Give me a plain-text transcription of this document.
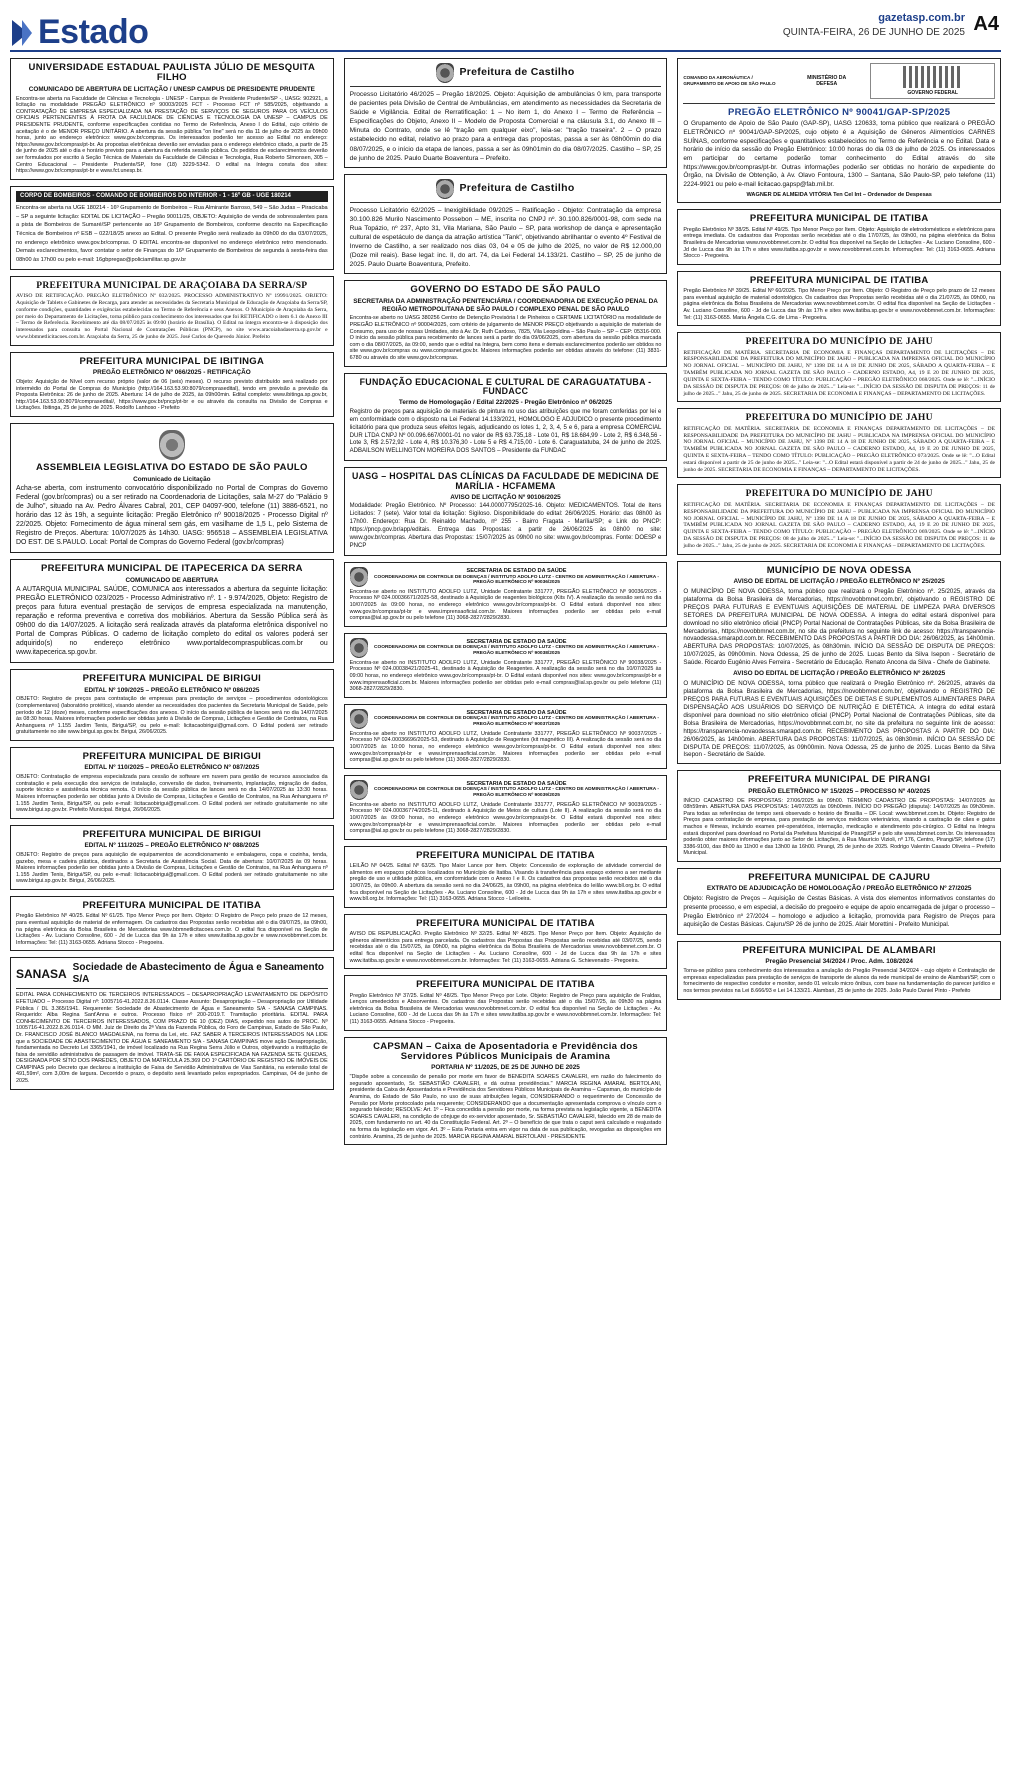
Estado	gazetasp.com.br
QUINTA-FEIRA, 26 DE JUNHO DE 2025 A4
UNIVERSIDADE ESTADUAL PAULISTA JÚLIO DE MESQUITA FILHO
COMUNICADO DE ABERTURA DE LICITAÇÃO / UNESP CAMPUS DE PRESIDENTE PRUDENTE

Encontra-se aberta na Faculdade de Ciências e Tecnologia - UNESP - Campus de Presidente Prudente/SP -, UASG: 902921, a licitação na modalidade PREGÃO ELETRÔNICO nº 90003/2025 FCT - Processo FCT nº 585/2025, objetivando a CONTRATAÇÃO DE EMPRESA ESPECIALIZADA NA PRESTAÇÃO DE SERVIÇOS DE SEGUROS PARA OS VEÍCULOS OFICIAIS PERTENCENTES À FROTA DA FACULDADE DE CIÊNCIAS E TECNOLOGIA DA UNESP – CAMPUS DE PRESIDENTE PRUDENTE, conforme especificações contidas no Termo de Referência, Anexo I do Edital, cujo critério de aceitação é o de MENOR PREÇO UNITÁRIO. A abertura da sessão pública "on line" será no dia 11 de julho de 2025 às 09h00 horas, junto ao endereço eletrônico: www.gov.br/compras. Os interessados poderão ter acesso ao Edital no endereço: https://www.gov.br/compras/pt-br. As propostas eletrônicas deverão ser enviadas para o endereço eletrônico citado, a partir de 25 de junho de 2025 até o dia e horário previsto para a abertura da referida sessão pública. Os pedidos de esclarecimentos deverão ser formulados por escrito à Seção Técnica de Materiais da Faculdade de Ciências e Tecnologia, Rua Roberto Símonsen, 305 – Centro Educacional – Presidente Prudente/SP, fone (18) 3229-5342. O edital na íntegra consta dos sites: https://www.gov.br/compras/pt-br e www.fct.unesp.br.

CORPO DE BOMBEIROS - COMANDO DE BOMBEIROS DO INTERIOR - 1 - 16º GB - UGE 180214

Encontra-se aberta na UGE 180214 - 16º Grupamento de Bombeiros – Rua Almirante Barroso, 549 – São Judas – Piracicaba – SP a seguinte licitação: EDITAL DE LICITAÇÃO – Pregão 90011/25, OBJETO: Aquisição de venda de sobressalentes para a pista de Bombeiros de Sumaré/SP pertencente ao 16º Grupamento de Bombeiros, conforme descrito na Especificação Técnica de Bombeiros nº ESB – 022/18/25 anexo ao Edital. O presente Pregão será realizado às 09h00 do dia 03/07/2025, no endereço eletrônico www.gov.br/compras. O EDITAL encontra-se disponível no endereço eletrônico retro mencionado. Demais esclarecimentos, favor contatar o setor de Finanças do 16º Grupamento de Bombeiros de segunda à sexta-feira das 08h00 às 17h00 ou pelo e-mail: 16gbpregao@policiamilitar.sp.gov.br

PREFEITURA MUNICIPAL DE ARAÇOIABA DA SERRA/SP

AVISO DE RETIFICAÇÃO. PREGÃO ELETRÔNICO Nº 032/2025. PROCESSO ADMINISTRATIVO Nº 19991/2025. OBJETO: Aquisição de Tablets e Gabinetes de Recarga, para atender as necessidades da Secretaria Municipal de Educação de Araçoiaba da Serra/SP, conforme condições, quantidades e exigências estabelecidas no Termo de Referência e seus Anexos. O Município de Araçoiaba da Serra, por meio do Departamento de Licitações, torna público para conhecimento dos interessados que foi RETIFICADO o item 6.1 do Anexo III – Termo de Referência. Recebimento até dia 08/07/2025 às 09:00 (horário de Brasília). O Edital na íntegra encontra-se à disposição dos interessados para consulta no Portal Nacional de Contratações Públicas (PNCP), no site www.aracoiabadaserra.sp.gov.br e www.bbmnetlicitacoes.com.br. Araçoiaba da Serra, 25 de junho de 2025. José Carlos de Quevedo Júnior. Prefeito

PREFEITURA MUNICIPAL DE IBITINGA
PREGÃO ELETRÔNICO Nº 066/2025 - RETIFICAÇÃO

Objeto: Aquisição de Nível com recurso próprio (valor de 06 (seis) meses). O recurso previsto distribuído será realizado por intermédio do Portal de Compras do Município (http://164.163.53.90:8079/comprasedital), tendo em previsão a previsão da Proposta Eletrônica: 26 de junho de 2025. Abertura: 14 de julho de 2025, às 09h00min. Edital completo: www.ibitinga.sp.gov.br, http://164.163.53.90:8079/comprasedital/, https://www.gov.br/pncp/pt-br e ou através da consulta na Divisão de Compras e Licitações. Ibitinga, 25 de junho de 2025. Rodolfo Lanhoso - Prefeito

ASSEMBLEIA LEGISLATIVA DO ESTADO DE SÃO PAULO
Comunicado de Licitação

Acha-se aberta, com instrumento convocatório disponibilizado no Portal de Compras do Governo Federal (gov.br/compras) ou a ser retirado na Coordenadoria de Licitações, sala M-27 do "Palácio 9 de Julho", situado na Av. Pedro Álvares Cabral, 201, CEP 04097-900, telefone (11) 3886-6521, no horário das 12 às 19h, a seguinte licitação: Pregão Eletrônico nº 90018/2025 - Processo Digital nº 22/2025. Objeto: Fornecimento de água mineral sem gás, em vasilhame de 1,5 L, pelo Sistema de Registro de Preços. Abertura: 10/07/2025 às 14h30. UASG: 956518 – ASSEMBLEIA LEGISLATIVA DO EST. DE S.PAULO. Local: Portal de Compras do Governo Federal (gov.br/compras)

PREFEITURA MUNICIPAL DE ITAPECERICA DA SERRA
COMUNICADO DE ABERTURA

A AUTARQUIA MUNICIPAL SAÚDE, COMUNICA aos interessados a abertura da seguinte licitação: PREGÃO ELETRÔNICO 023/2025 - Processo Administrativo nº. 1 - 9.974/2025, Objeto: Registro de preços para futura eventual prestação de serviços de empresa especializada na manutenção, reparação e reforma preventiva e corretiva dos mobiliários. Abertura da Sessão Pública será às 09h00 do dia 14/07/2025. A licitação será realizada através da plataforma eletrônica disponível no Portal de Compras Públicas. O caderno de licitação completo do edital os valores poderá ser adquirido(s) no endereço eletrônico www.portaldecompraspublicas.com.br ou www.itapecerica.sp.gov.br.

PREFEITURA MUNICIPAL DE BIRIGUI
EDITAL Nº 109/2025 – PREGÃO ELETRÔNICO Nº 086/2025

OBJETO: Registro de preços para contratação de empresas para prestação de serviços – procedimentos odontológicos (complementares) (laboratório protético), visando atender as necessidades dos pacientes da Secretaria Municipal de Saúde, pelo período de 12 (doze) meses, conforme especificações dos anexos. O início da sessão pública de lances será no dia 14/07/2025 às 08:30 horas. Maiores informações poderão ser obtidas junto à Divisão de Compras, Licitações e Gestão de Contratos, na Rua Anhanguera nº 1.155 Jardim Tenis, Birigui/SP, ou pelo e-mail: licitacaobirigui@gmail.com. O Edital poderá ser retirado gratuitamente no site www.birigui.sp.gov.br. Birigui, 26/06/2025.

PREFEITURA MUNICIPAL DE BIRIGUI
EDITAL Nº 110/2025 – PREGÃO ELETRÔNICO Nº 087/2025

OBJETO: Contratação de empresa especializada para cessão de software em nuvem para gestão de recursos associados da contratação e pela execução dos serviços de instalação, conversão de dados, treinamento, implantação, migração de dados, suporte técnico e assistência técnica remota. O início da sessão pública de lances será no dia 14/07/2025 às 13:30 horas. Maiores informações poderão ser obtidas junto à Divisão de Compras, Licitações e Gestão de Contratos, na Rua Anhanguera nº 1.155 Jardim Tenis, Birigui/SP, ou pelo e-mail: licitacaobirigui@gmail.com. O Edital poderá ser retirado gratuitamente no site www.birigui.sp.gov.br. Prefeito Municipal. Birigui, 26/06/2025.

PREFEITURA MUNICIPAL DE BIRIGUI
EDITAL Nº 111/2025 – PREGÃO ELETRÔNICO Nº 088/2025

OBJETO: Registro de preços para aquisição de equipamentos de acondicionamento e embalagens, copa e cozinha, tenda, gazebo, mesa e cadeira plástica, destinados a Secretaria de Assistência Social. Data de abertura: 10/07/2025 às 09 horas. Maiores informações poderão ser obtidas junto à Divisão de Compras, Licitações e Gestão de Contratos, na Rua Anhanguera nº 1.155 Jardim Tenis, Birigui/SP, ou pelo e-mail: licitacaobirigui@gmail.com. O Edital poderá ser retirado gratuitamente no site www.birigui.sp.gov.br. Birigui, 26/06/2025.

PREFEITURA MUNICIPAL DE ITATIBA

Pregão Eletrônico Nº 40/25. Edital Nº 61/25. Tipo Menor Preço por Item. Objeto: O Registro de Preço pelo prazo de 12 meses, para eventual aquisição de material de enfermagem. Os cadastros das Propostas serão recebidas até o dia 09/07/25, às 09h00, na página eletrônica da Bolsa Brasileira de Mercadorias www.bbmnetlicitacoes.com.br. O edital fica disponível na Seção de Licitações - Av. Luciano Consoline, 600 - Jd de Lucca das 9h às 17h e sites www.itatiba.sp.gov.br e www.novobbmnet.com.br. Informações: Tel: (11) 3163-0655. Adriana Stocco - Pregoeira.

SANASA Sociedade de Abastecimento de Água e Saneamento S/A

EDITAL PARA CONHECIMENTO DE TERCEIROS INTERESSADOS – DESAPROPRIAÇÃO LEVANTAMENTO DE DEPÓSITO EFETUADO – Processo Digital nº: 1005716-41.2022.8.26.0114. Classe Assunto: Desapropriação – Desapropriação por Utilidade Pública / DL 3.365/1941. Requerente: Sociedade de Abastecimento de Água e Saneamento S/A - SANASA CAMPINAS. Requerido: Alba Regina Sant'Anna e outros. Processo físico nº 200-2019.T. Tramitação prioritária. EDITAL PARA CONHECIMENTO DE TERCEIROS INTERESSADOS, COM PRAZO DE 10 (DEZ) DIAS, expedido nos autos do PROC. Nº 1005716-41.2022.8.26.0114. O MM. Juiz de Direito da 2ª Vara da Fazenda Pública, do Foro de Campinas, Estado de São Paulo, Dr. FRANCISCO JOSÉ BLANCO MAGDALENA, na forma da Lei, etc. FAZ SABER A TERCEIROS INTERESSADOS NA LIDE que a SOCIEDADE DE ABASTECIMENTO DE ÁGUA E SANEAMENTO S/A - SANASA CAMPINAS move ação Desapropriação, fundamentada no Decreto Lei 3365/1941, de imóvel localizado na Rua Regina Serra Júlio e Outros, objetivando a instituição de faixa de servidão administrativa de passagem de imóvel. TRATA-SE DE FAIXA ESPECIFICADA NA FAZENDA SETE QUEDAS, DESIGNADA POR SÍTIO DOS PAREDES, OBJETO DA MATRÍCULA 25.369 DO 1º CARTÓRIO DE REGISTRO DE IMÓVEIS DE CAMPINAS pelo Decreto que declarou a instituição de Faixa de Servidão Administrativa de Vias Sanitária, na extensão total de 491,59m², com 3,00m de largura. Decorrido o prazo, o depósito será levantado pelos expropriados. Campinas, 04 de junho de 2025.

Prefeitura de Castilho

Processo Licitatório 46/2025 – Pregão 18/2025. Objeto: Aquisição de ambulâncias 0 km, para transporte de pacientes pela Divisão de Central de Ambulâncias, em atendimento as necessidades da Secretaria de Saúde e Vigilância. Edital de Rerratificação: 1 – No item 1, do Anexo I – Termo de Referência – Especificações do Objeto, Anexo II – Modelo de Proposta Comercial e na cláusula 3.1, do Anexo III – Minuta do Contrato, onde se lê "tração em qualquer eixo", leia-se: "tração traseira". 2 – O prazo estabelecido no edital, relativo ao prazo para a entrega das propostas, passa a ser às 08h00min do dia 08/07/2025, e o início da etapa de lances, passa a ser às 09h01min do dia 08/07/2025. Castilho – SP, 25 de junho de 2025. Paulo Duarte Boaventura – Prefeito.

Prefeitura de Castilho

Processo Licitatório 62/2025 – Inexigibilidade 09/2025 – Ratificação - Objeto: Contratação da empresa 30.100.826 Murilo Nascimento Possebon – ME, inscrita no CNPJ nº. 30.100.826/0001-98, com sede na Rua Topázio, nº 237, Apto 31, Vila Mariana, São Paulo – SP, para workshop de dança e apresentação cultural de espetáculo de dança da atração artística "Tank", objetivando abrilhantar o evento 4º Festival de Inverno de Castilho, a ser realizado nos dias 03, 04 e 05 de julho de 2025, no valor de R$ 12.000,00 (Doze mil reais). Base legal: inc. II, do art. 74, da Lei Federal 14.133/21. Castilho – SP, 25 de junho de 2025. Paulo Duarte Boaventura, Prefeito.

GOVERNO DO ESTADO DE SÃO PAULO
SECRETARIA DA ADMINISTRAÇÃO PENITENCIÁRIA / COORDENADORIA DE EXECUÇÃO PENAL DA REGIÃO METROPOLITANA DE SÃO PAULO / COMPLEXO PENAL DE SÃO PAULO

Encontra-se aberto no UASG 380256 Centro de Detenção Provisória I de Pinheiros o CERTAME LICITATÓRIO na modalidade de PREGÃO ELETRÔNICO nº 90004/2025, com critério de julgamento de MENOR PREÇO objetivando a aquisição de materiais de Consumo, para uso de nossas Unidades, sito à Av. Dr. Ruth Cardoso, 7825, Vila Leopoldina – São Paulo – SP – CEP: 05316-000. O início da sessão pública para recebimento de lances será a partir do dia 09/06/2025, com abertura da sessão pública marcada com o dia 08/07/2025, às 09:00, sendo que o edital na íntegra, bem como itens e demais esclarecimentos poderão ser obtidos no site www.gov.br/compras ou www.comprasnet.gov.br. Maiores informações poderão ser obtidas através do telefone: (11) 3831-6780 ou através do site www.gov.br/compras.

FUNDAÇÃO EDUCACIONAL E CULTURAL DE CARAGUATATUBA - FUNDACC
Termo de Homologação / Edital 22/2025 - Pregão Eletrônico nº 06/2025

Registro de preços para aquisição de materiais de pintura no uso das atribuições que me foram conferidas por lei e em conformidade com o disposto na Lei Federal 14.133/2021, HOMOLOGO E ADJUDICO o presente procedimento licitatório para que produza seus efeitos legais, adjudicando os lotes 1, 2, 3, 4, 5 e 6, para a empresa COMERCIAL DUR LTDA CNPJ Nº 00.096.667/0001-01 no valor de R$ 63.735,18 - Lote 01, R$ 18.684,99 - Lote 2, R$ 6.348,56 - Lote 3, R$ 2.572,92 - Lote 4, R$ 10.376,30 - Lote 5 e R$ 4.715,00 - Lote 6. Caraguatatuba, 24 de junho de 2025. ADBAILSON WELLINGTON MOREIRA DOS SANTOS – Presidente da FUNDAC

UASG – HOSPITAL DAS CLÍNICAS DA FACULDADE DE MEDICINA DE MARÍLIA - HCFAMEMA
AVISO DE LICITAÇÃO Nº 90106/2025

Modalidade: Pregão Eletrônico. Nº Processo: 144.00007795/2025-16. Objeto: MEDICAMENTOS. Total de Itens Licitados: 7 (sete). Valor total da licitação: Sigiloso. Disponibilidade do edital: 26/06/2025. Horário: das 08h00 às 17h00. Endereço: Rua Dr. Reinaldo Machado, nº 255 - Bairro Fragata - Marília/SP; e Link do PNCP: https://pncp.gov.br/app/editais. Entrega das Propostas: a partir de 26/06/2025 às 08h00 no site: www.gov.br/compras. Abertura das Propostas: 15/07/2025 às 09h00 no site: www.gov.br/compras. Fonte: DOESP e PNCP

SECRETARIA DE ESTADO DA SAÚDE
COORDENADORIA DE CONTROLE DE DOENÇAS / INSTITUTO ADOLFO LUTZ - CENTRO DE ADMINISTRAÇÃO / ABERTURA - PREGÃO ELETRÔNICO Nº 90036/2025

Encontra-se aberto no INSTITUTO ADOLFO LUTZ, Unidade Contratante 331777, PREGÃO ELETRÔNICO Nº 90036/2025 - Processo Nº 024.00036671/2025-58, destinado à Aquisição de reagentes biológicos (Kits IV). A realização da sessão será no dia 10/07/2025 às 09:00 horas, no endereço eletrônico www.gov.br/compras/pt-br. O Edital estará disponível nos sites: www.gov.br/compras/pt-br e www.imprensaoficial.com.br. Maiores informações poderão ser obtidas pelo e-mail compras@ial.sp.gov.br ou pelo telefone (11) 3068-2827/2829/2830.

SECRETARIA DE ESTADO DA SAÚDE
COORDENADORIA DE CONTROLE DE DOENÇAS / INSTITUTO ADOLFO LUTZ - CENTRO DE ADMINISTRAÇÃO / ABERTURA - PREGÃO ELETRÔNICO Nº 90038/2025

Encontra-se aberto no INSTITUTO ADOLFO LUTZ, Unidade Contratante 331777, PREGÃO ELETRÔNICO Nº 90038/2025 - Processo Nº 024.00038421/2025-41, destinado à Aquisição de Reagentes. A realização da sessão será no dia 10/07/2025 às 09:00 horas, no endereço eletrônico www.gov.br/compras/pt-br. O Edital estará disponível nos sites: www.gov.br/compras/pt-br e www.imprensaoficial.com.br. Maiores informações poderão ser obtidas pelo e-mail compras@ial.sp.gov.br ou pelo telefone (11) 3068-2827/2829/2830.

SECRETARIA DE ESTADO DA SAÚDE
COORDENADORIA DE CONTROLE DE DOENÇAS / INSTITUTO ADOLFO LUTZ - CENTRO DE ADMINISTRAÇÃO / ABERTURA - PREGÃO ELETRÔNICO Nº 90037/2025

Encontra-se aberto no INSTITUTO ADOLFO LUTZ, Unidade Contratante 331777, PREGÃO ELETRÔNICO Nº 90037/2025 - Processo Nº 024.00036696/2025-53, destinado à Aquisição de Reagentes (kit magnético III). A realização da sessão será no dia 10/07/2025 às 10:00 horas, no endereço eletrônico www.gov.br/compras/pt-br. O Edital estará disponível nos sites: www.gov.br/compras/pt-br e www.imprensaoficial.com.br. Maiores informações poderão ser obtidas pelo e-mail compras@ial.sp.gov.br ou pelo telefone (11) 3068-2827/2829/2830.

SECRETARIA DE ESTADO DA SAÚDE
COORDENADORIA DE CONTROLE DE DOENÇAS / INSTITUTO ADOLFO LUTZ - CENTRO DE ADMINISTRAÇÃO / ABERTURA - PREGÃO ELETRÔNICO Nº 90039/2025

Encontra-se aberto no INSTITUTO ADOLFO LUTZ, Unidade Contratante 331777, PREGÃO ELETRÔNICO Nº 90039/2025 - Processo Nº 024.00036774/2025-11, destinado à Aquisição de Meios de cultura (Lote II). A realização da sessão será no dia 10/07/2025 às 09:00 horas, no endereço eletrônico www.gov.br/compras/pt-br. O Edital estará disponível nos sites: www.gov.br/compras/pt-br e www.imprensaoficial.com.br. Maiores informações poderão ser obtidas pelo e-mail compras@ial.sp.gov.br ou pelo telefone (11) 3068-2827/2829/2830.

PREFEITURA MUNICIPAL DE ITATIBA

LEILÃO Nº 04/25. Edital Nº 63/25. Tipo Maior Lance por Item. Objeto: Concessão de exploração de atividade comercial de alimentos em espaços públicos localizados no Município de Itatiba. Visando à transferência para espaço externo a ser mediante pregão de uso e utilidade pública, em conformidade com o Anexo I e II. Os cadastros das propostas serão recebidos até o dia 10/07/25, às 09h00. A abertura da sessão será no dia 24/06/25, às 09h00, na página eletrônica do leilão www.bll.org.br. O edital fica disponível na Seção de Licitações - Av. Luciano Consoline, 600 - Jd de Lucca das 9h às 17h e sites www.itatiba.sp.gov.br e www.bll.org.br. Informações: Tel: (11) 3163-0655. Adriana Stocco - Leiloeira.

PREFEITURA MUNICIPAL DE ITATIBA

AVISO DE REPUBLICAÇÃO. Pregão Eletrônico Nº 32/25. Edital Nº 48/25. Tipo Menor Preço por Item. Objeto: Aquisição de gêneros alimentícios para entrega parcelada. Os cadastros das Propostas das Propostas serão recebidas até 03/07/25, sendo recebidas até o dia 15/07/25, às 09h00, na página eletrônica da Bolsa Brasileira de Mercadorias www.novobbmnet.com.br. O edital fica disponível na Seção de Licitações - Av. Luciano Consoline, 600 - Jd de Lucca das 9h às 17h e sites www.itatiba.sp.gov.br e www.novobbmnet.com.br. Informações: Tel: (11) 3163-0655. Adriana G. Schievenatto - Pregoeira.

PREFEITURA MUNICIPAL DE ITATIBA

Pregão Eletrônico Nº 37/25. Edital Nº 48/25. Tipo Menor Preço por Lote. Objeto: Registro de Preço para aquisição de Fraldas, Lenços umedecidos e Absorventes. Os cadastros das Propostas serão recebidas até o dia 15/07/25, às 09h30 na página eletrônica da Bolsa Brasileira de Mercadorias www.novobbmnet.com.br. O edital fica disponível na Seção de Licitações - Av. Luciano Consoline, 600 - Jd de Lucca das 9h às 17h e sites www.itatiba.sp.gov.br e www.novobbmnet.com.br. Informações: Tel: (11) 3163-0655. Adriana Stocco - Pregoeira.

CAPSMAN – Caixa de Aposentadoria e Previdência dos Servidores Públicos Municipais de Aramina
PORTARIA Nº 11/2025, DE 25 DE JUNHO DE 2025

"Dispõe sobre a concessão de pensão por morte em favor de BENEDITA SOARES CAVALERI, em razão do falecimento do segurado aposentado, Sr. SEBASTIÃO CAVALERI, e dá outras providências." MARCIA REGINA AMARAL BERTOLANI, presidente da Caixa de Aposentadoria e Previdência dos Servidores Públicos Municipais de Aramina – Capsman, do município de Aramina, do Estado de São Paulo, no uso de suas atribuições legais, CONSIDERANDO o requerimento de Concessão de Pensão por Morte protocolado pela requerente; CONSIDERANDO que a documentação apresentada comprova o vínculo com o segurado falecido; RESOLVE: Art. 1º – Fica concedida a pensão por morte, na forma prevista na legislação vigente, a BENEDITA SOARES CAVALERI, na condição de cônjuge do ex-servidor aposentado, Sr. SEBASTIÃO CAVALERI, falecido em 28 de maio de 2025, com fundamento no art. 40 da Constituição Federal. Art. 2º – O benefício de que trata o caput será calculado e reajustado na forma da legislação em vigor. Art. 3º – Esta Portaria entra em vigor na data de sua publicação, revogadas as disposições em contrário. Aramina, 25 de junho de 2025. MARCIA REGINA AMARAL BERTOLANI - PRESIDENTE

COMANDO DA AERONÁUTICA / GRUPAMENTO DE APOIO DE SÃO PAULO
MINISTÉRIO DA DEFESA
GOVERNO FEDERAL
PREGÃO ELETRÔNICO Nº 90041/GAP-SP/2025

O Grupamento de Apoio de São Paulo (GAP-SP), UASG 120633, torna público que realizará o PREGÃO ELETRÔNICO nº 90041/GAP-SP/2025, cujo objeto é a Aquisição de Gêneros Alimentícios CARNES SUÍNAS, conforme especificações e quantitativos estabelecidos no Termo de Referência e no Edital. Data e horário de início da sessão do Pregão Eletrônico: 10:00 horas do dia 03 de julho de 2025. Os interessados em participar do certame poderão tomar conhecimento do Edital através do site https://www.gov.br/compras/pt-br. Outras informações poderão ser obtidas no horário de expediente do Órgão, na Divisão de Obtenção, à Av. Olavo Fontoura, 1300 – Santana, São Paulo-SP, pelo telefone (11) 2224-9921 ou pelo e-mail licitacao.gapsp@fab.mil.br.

WAGNER DE ALMEIDA VITÓRIA Ten Cel Int – Ordenador de Despesas
PREFEITURA MUNICIPAL DE ITATIBA

Pregão Eletrônico Nº 38/25. Edital Nº 49/25. Tipo Menor Preço por Item. Objeto: Aquisição de eletrodomésticos e eletrônicos para entrega imediata. Os cadastros das Propostas serão recebidas até o dia 17/07/25, às 09h00, na página eletrônica da Bolsa Brasileira de Mercadorias www.novobbmnet.com.br. O edital fica disponível na Seção de Licitações - Av. Luciano Consoline, 600 - Jd de Lucca das 9h às 17h e sites www.itatiba.sp.gov.br e www.novobbmnet.com.br. Informações: Tel: (11) 3163-0655. Adriana Stocco - Pregoeira.

PREFEITURA MUNICIPAL DE ITATIBA

Pregão Eletrônico Nº 39/25. Edital Nº 60/2025. Tipo Menor Preço por Item. Objeto: O Registro de Preço pelo prazo de 12 meses para eventual aquisição de material odontológico. Os cadastros das Propostas serão recebidas até o dia 21/07/25, às 09h00, na página eletrônica da Bolsa Brasileira de Mercadorias www.novobbmnet.com.br. O edital fica disponível na Seção de Licitações - Av. Luciano Consoline, 600 - Jd de Lucca das 9h às 17h e sites www.itatiba.sp.gov.br e www.novobbmnet.com.br. Informações: Tel: (11) 3163-0655. Maria Ângela C.G. de Lima - Pregoeira.

PREFEITURA DO MUNICÍPIO DE JAHU

RETIFICAÇÃO DE MATÉRIA. SECRETARIA DE ECONOMIA E FINANÇAS DEPARTAMENTO DE LICITAÇÕES – DE RESPONSABILIDADE DA PREFEITURA DO MUNICÍPIO DE JAHU – PUBLICADA NA IMPRENSA OFICIAL DO MUNICÍPIO NO JORNAL OFICIAL – MUNICÍPIO DE JAHU, Nº 1398 DE 14 A 18 DE JUNHO DE 2025, SÁBADO A QUARTA-FEIRA – E TAMBÉM PUBLICADA NO JORNAL GAZETA DE SÃO PAULO – CADERNO ESTADO, A4, 19 E 20 DE JUNHO DE 2025, QUINTA E SEXTA-FEIRA – TENDO COMO TÍTULO: PUBLICAÇÃO – PREGÃO ELETRÔNICO 068/2025. Onde se lê: "...INÍCIO DA SESSÃO DE DISPUTA DE PREÇOS: 08 de julho de 2025..." Leia-se: "...INÍCIO DA SESSÃO DE DISPUTA DE PREÇOS: 11 de julho de 2025..." Jahu, 25 de junho de 2025. SECRETARIA DE ECONOMIA E FINANÇAS – DEPARTAMENTO DE LICITAÇÕES.

PREFEITURA DO MUNICÍPIO DE JAHU

RETIFICAÇÃO DE MATÉRIA. SECRETARIA DE ECONOMIA E FINANÇAS DEPARTAMENTO DE LICITAÇÕES – DE RESPONSABILIDADE DA PREFEITURA DO MUNICÍPIO DE JAHU – PUBLICADA NA IMPRENSA OFICIAL DO MUNICÍPIO NO JORNAL OFICIAL – MUNICÍPIO DE JAHU, Nº 1398 DE 14 A 18 DE JUNHO DE 2025, SÁBADO A QUARTA-FEIRA – E TAMBÉM PUBLICADA NO JORNAL GAZETA DE SÃO PAULO – CADERNO ESTADO, A4, 19 E 20 DE JUNHO DE 2025, QUINTA E SEXTA-FEIRA – TENDO COMO TÍTULO: PUBLICAÇÃO – PREGÃO ELETRÔNICO 073/2025. Onde se lê: "...O Edital estará disponível a partir de 25 de junho de 2025..." Leia-se: "...O Edital estará disponível a partir de 24 de junho de 2025..." Jahu, 25 de junho de 2025. SECRETARIA DE ECONOMIA E FINANÇAS – DEPARTAMENTO DE LICITAÇÕES.

PREFEITURA DO MUNICÍPIO DE JAHU

RETIFICAÇÃO DE MATÉRIA. SECRETARIA DE ECONOMIA E FINANÇAS DEPARTAMENTO DE LICITAÇÕES – DE RESPONSABILIDADE DA PREFEITURA DO MUNICÍPIO DE JAHU – PUBLICADA NA IMPRENSA OFICIAL DO MUNICÍPIO NO JORNAL OFICIAL – MUNICÍPIO DE JAHU, Nº 1398 DE 14 A 18 DE JUNHO DE 2025, SÁBADO A QUARTA-FEIRA – E TAMBÉM PUBLICADA NO JORNAL GAZETA DE SÃO PAULO – CADERNO ESTADO, A4, 19 E 20 DE JUNHO DE 2025, QUINTA E SEXTA-FEIRA – TENDO COMO TÍTULO: PUBLICAÇÃO – PREGÃO ELETRÔNICO 069/2025. Onde se lê: "...INÍCIO DA SESSÃO DE DISPUTA DE PREÇOS: 08 de julho de 2025..." Leia-se: "...INÍCIO DA SESSÃO DE DISPUTA DE PREÇOS: 11 de julho de 2025..." Jahu, 25 de junho de 2025. SECRETARIA DE ECONOMIA E FINANÇAS – DEPARTAMENTO DE LICITAÇÕES.

MUNICÍPIO DE NOVA ODESSA
AVISO DE EDITAL DE LICITAÇÃO / PREGÃO ELETRÔNICO Nº 25/2025

O MUNICÍPIO DE NOVA ODESSA, torna público que realizará o Pregão Eletrônico nº. 25/2025, através da plataforma da Bolsa Brasileira de Mercadorias, https://novobbmnet.com.br/, objetivando o REGISTRO DE PREÇOS PARA FUTURAS E EVENTUAIS AQUISIÇÕES DE MATERIAL DE LIMPEZA PARA DIVERSOS SETORES DA PREFEITURA MUNICIPAL DE NOVA ODESSA. A íntegra do edital estará disponível para download no sítio eletrônico oficial (PNCP) Portal Nacional de Contratações Públicas, site da Bolsa Brasileira de Mercadorias, https://novobbmnet.com.br, no site da prefeitura no seguinte link de acesso: https://transparencia-novaodessa.smarapd.com.br. RECEBIMENTO DAS PROPOSTAS A PARTIR DO DIA: 26/06/2025, às 14h00min. ABERTURA DAS PROPOSTAS: 10/07/2025, às 08h30min. INÍCIO DA SESSÃO DE DISPUTA DE PREÇOS: 10/07/2025, às 09h00min. Nova Odessa, 25 de junho de 2025. Lucas Bento da Silva Isepon - Secretário de Saúde. Ricardo Eugênio Alves Ferreira - Secretário de Educação. Renato Ancona da Silva - Chefe de Gabinete.

AVISO DO EDITAL DE LICITAÇÃO / PREGÃO ELETRÔNICO Nº 26/2025

O MUNICÍPIO DE NOVA ODESSA, torna público que realizará o Pregão Eletrônico nº. 26/2025, através da plataforma da Bolsa Brasileira de Mercadorias, https://novobbmnet.com.br/, objetivando o REGISTRO DE PREÇOS PARA FUTURAS E EVENTUAIS AQUISIÇÕES DE DIETAS E SUPLEMENTOS ALIMENTARES PARA DISPENSAÇÃO AOS USUÁRIOS DO SERVIÇO DE NUTRIÇÃO E DIETÉTICA. A íntegra do edital estará disponível para download no sítio eletrônico oficial (PNCP) Portal Nacional de Contratações Públicas, site da Bolsa Brasileira de Mercadorias, https://novobbmnet.com.br, no site da prefeitura no seguinte link de acesso: https://transparencia-novaodessa.smarapd.com.br. RECEBIMENTO DAS PROPOSTAS A PARTIR DO DIA: 26/06/2025, às 14h00min. ABERTURA DAS PROPOSTAS: 11/07/2025, às 08h30min. INÍCIO DA SESSÃO DE DISPUTA DE PREÇOS: 11/07/2025, às 09h00min. Nova Odessa, 25 de junho de 2025. Lucas Bento da Silva Isepon - Secretário de Saúde.

PREFEITURA MUNICIPAL DE PIRANGI
PREGÃO ELETRÔNICO Nº 15/2025 – PROCESSO Nº 40/2025

INÍCIO CADASTRO DE PROPOSTAS: 27/06/2025 às 09h00. TÉRMINO CADASTRO DE PROPOSTAS: 14/07/2025 às 08h59min. ABERTURA DAS PROPOSTAS: 14/07/2025 às 09h00min. INÍCIO DO PREGÃO (disputa): 14/07/2025 às 09h30min. Para todas as referências de tempo será observado o horário de Brasília – DF. Local: www.bbmnet.com.br. Objeto: Registro de Preços para contratação de empresa, para prestação de serviços médicos veterinários, visando a castração de cães e gatos machos e fêmeas, incluindo exames pré-operatórios, internação, medicação e atendimento pós-cirúrgico. O Edital na íntegra estará disponível para download no Portal da Prefeitura Municipal de Pirangi/SP e pelo site www.bbmnet.com.br. Os interessados poderão obter maiores informações junto ao Setor de Licitações, à Rua Maurício Vizioli, nº 176, Centro, Pirangi/SP, telefone (17) 3386-9100, das 8h00 às 11h00 e das 13h00 às 16h00. Pirangi, 25 de junho de 2025. Rodrigo Valentin Casado Oliveira – Prefeito Municipal.

PREFEITURA MUNICIPAL DE CAJURU
EXTRATO DE ADJUDICAÇÃO DE HOMOLOGAÇÃO / PREGÃO ELETRÔNICO Nº 27/2025

Objeto: Registro de Preços – Aquisição de Cestas Básicas. A vista dos elementos informativos constantes do presente processo, e em especial, a decisão do pregoeiro e equipe de apoio encarregada de julgar o processo – Pregão Eletrônico nº 27/2024 – homologo e adjudico a licitação, promovida para Registro de Preços para aquisição de Cestas Básicas. Cajuru/SP 26 de junho de 2025. Alair Morettini - Prefeito Municipal.

PREFEITURA MUNICIPAL DE ALAMBARI
Pregão Presencial 34/2024 / Proc. Adm. 108/2024

Torna-se público para conhecimento dos interessados a anulação do Pregão Presencial 34/2024 - cujo objeto é Contratação de empresas especializadas para prestação de serviços de transporte de alunos da rede municipal de ensino de Alambari/SP, com o fornecimento de respectivo condutor e monitor, sendo 01 veículo micro ônibus, com base na fundamentação do parecer jurídico e nos termos previstos na Lei 8.666/93 e Lei 14.133/21. Alambari, 25 de junho de 2025. João Paulo Daniel Pinto - Prefeito
